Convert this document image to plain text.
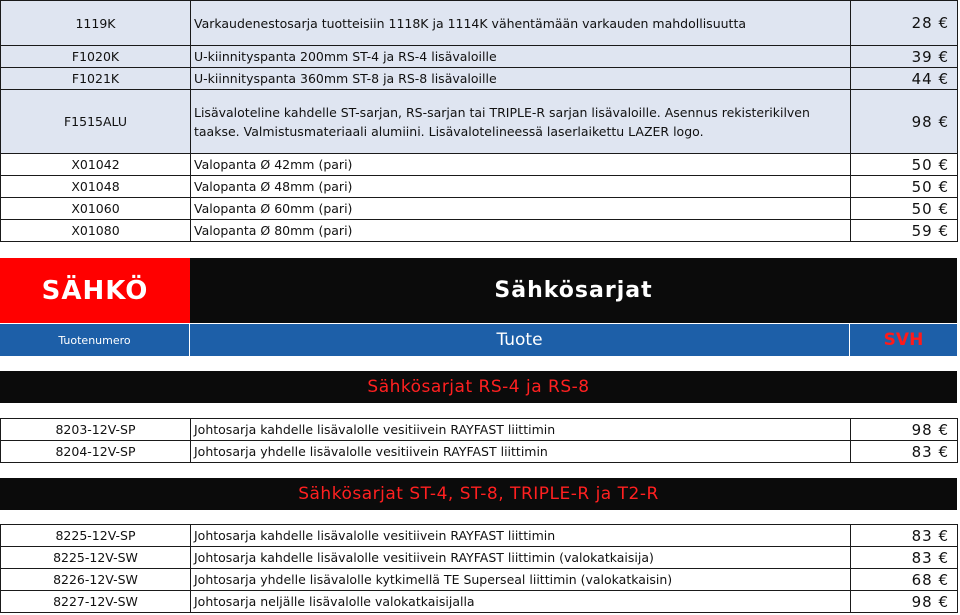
1119K	Varkaudenestosarja tuotteisiin 1118K ja 1114K vähentämään varkauden mahdollisuutta	28 €
F1020K	U-kiinnityspanta 200mm ST-4 ja RS-4 lisävaloille	39 €
F1021K	U-kiinnityspanta 360mm ST-8 ja RS-8 lisävaloille	44 €
F1515ALU	Lisävaloteline kahdelle ST-sarjan, RS-sarjan tai TRIPLE-R sarjan lisävaloille. Asennus rekisterikilven taakse. Valmistusmateriaali alumiini. Lisävalotelineessä laserlaikettu LAZER logo.	98 €
X01042	Valopanta Ø 42mm (pari)	50 €
X01048	Valopanta Ø 48mm (pari)	50 €
X01060	Valopanta Ø 60mm (pari)	50 €
X01080	Valopanta Ø 80mm (pari)	59 €
SÄHKÖ	Sähkösarjat
Tuotenumero	Tuote	SVH
Sähkösarjat RS-4 ja RS-8
8203-12V-SP	Johtosarja kahdelle lisävalolle vesitiivein RAYFAST liittimin	98 €
8204-12V-SP	Johtosarja yhdelle lisävalolle vesitiivein RAYFAST liittimin	83 €
Sähkösarjat ST-4, ST-8, TRIPLE-R ja T2-R
8225-12V-SP	Johtosarja kahdelle lisävalolle vesitiivein RAYFAST liittimin	83 €
8225-12V-SW	Johtosarja kahdelle lisävalolle vesitiivein RAYFAST liittimin (valokatkaisija)	83 €
8226-12V-SW	Johtosarja yhdelle lisävalolle kytkimellä TE Superseal liittimin (valokatkaisin)	68 €
8227-12V-SW	Johtosarja neljälle lisävalolle valokatkaisijalla	98 €
